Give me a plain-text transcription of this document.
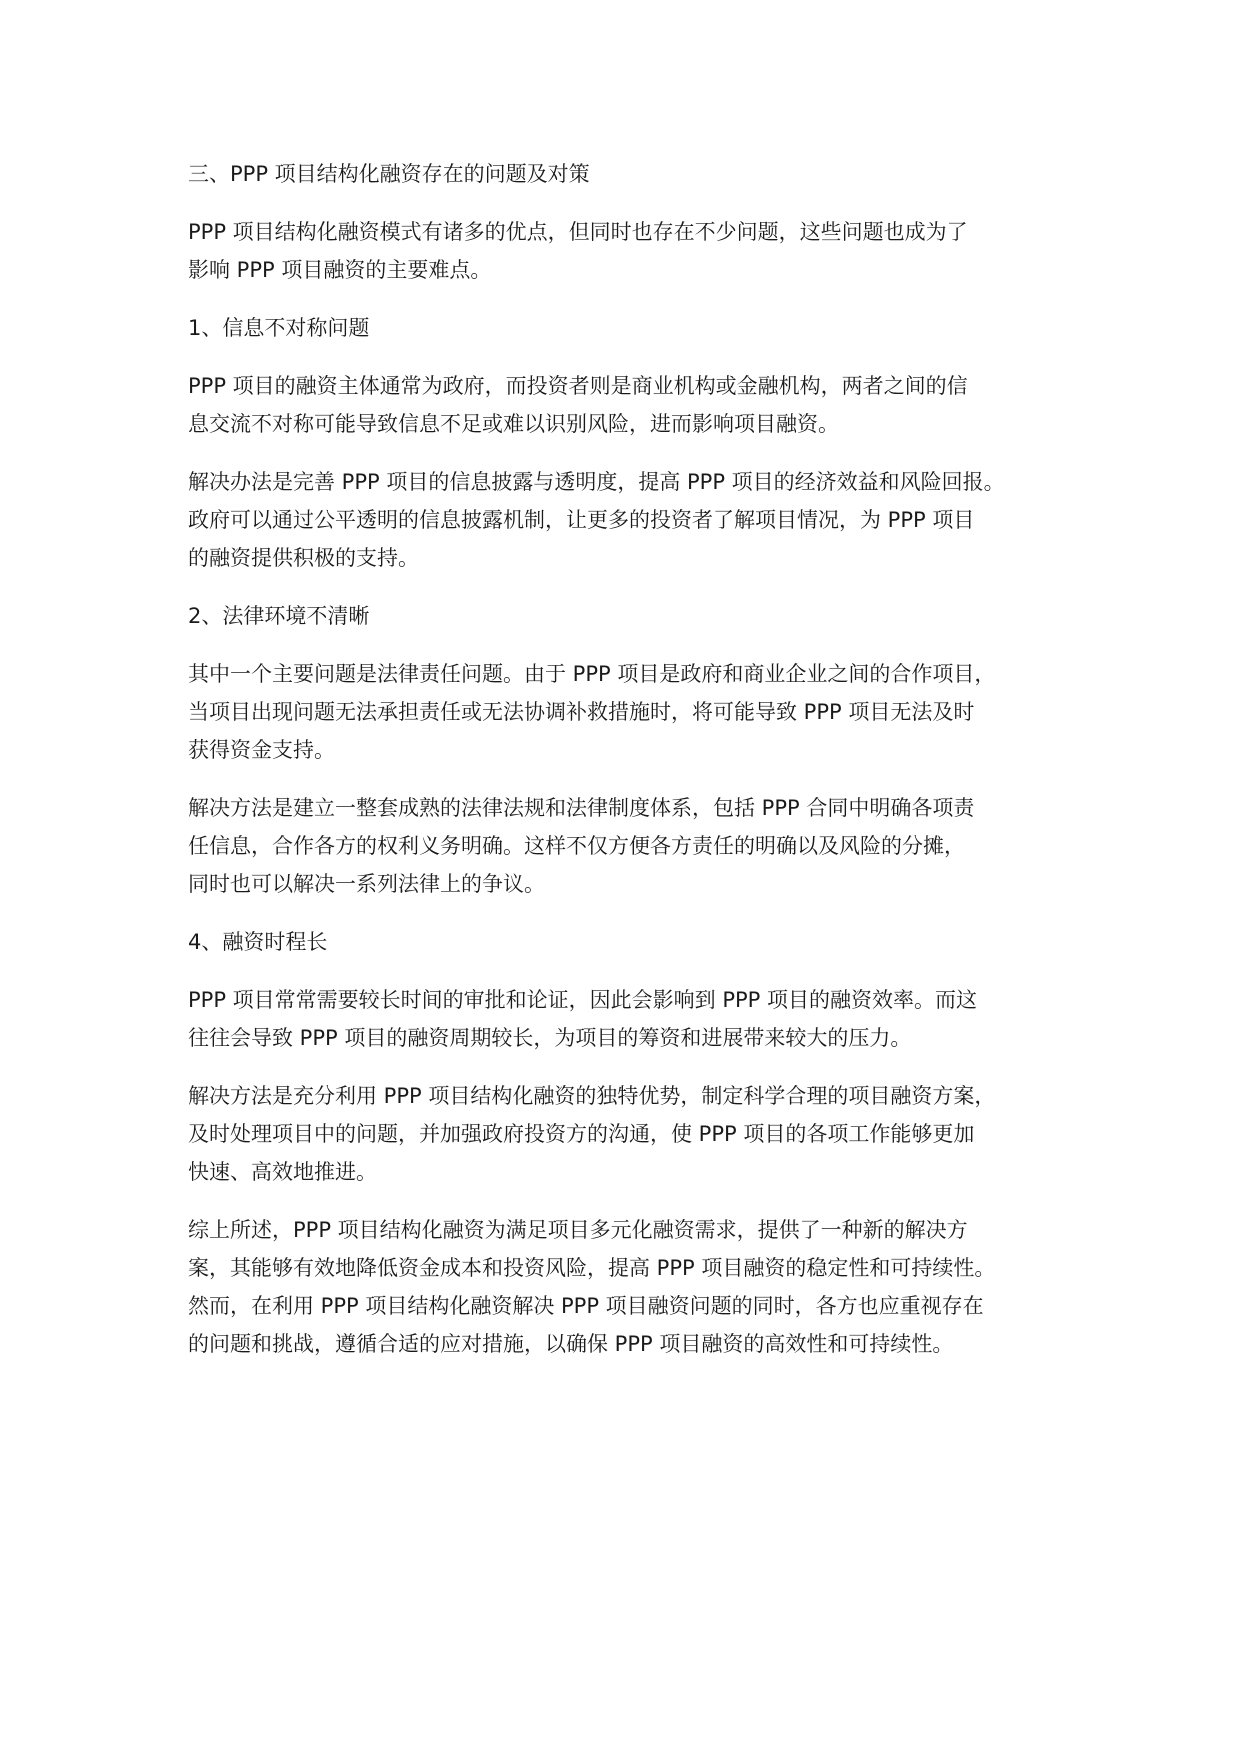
三、PPP 项目结构化融资存在的问题及对策
PPP 项目结构化融资模式有诸多的优点，但同时也存在不少问题，这些问题也成为了
影响 PPP 项目融资的主要难点。
1、信息不对称问题
PPP 项目的融资主体通常为政府，而投资者则是商业机构或金融机构，两者之间的信
息交流不对称可能导致信息不足或难以识别风险，进而影响项目融资。
解决办法是完善 PPP 项目的信息披露与透明度，提高 PPP 项目的经济效益和风险回报。
政府可以通过公平透明的信息披露机制，让更多的投资者了解项目情况，为 PPP 项目
的融资提供积极的支持。
2、法律环境不清晰
其中一个主要问题是法律责任问题。由于 PPP 项目是政府和商业企业之间的合作项目，
当项目出现问题无法承担责任或无法协调补救措施时，将可能导致 PPP 项目无法及时
获得资金支持。
解决方法是建立一整套成熟的法律法规和法律制度体系，包括 PPP 合同中明确各项责
任信息，合作各方的权利义务明确。这样不仅方便各方责任的明确以及风险的分摊，
同时也可以解决一系列法律上的争议。
4、融资时程长
PPP 项目常常需要较长时间的审批和论证，因此会影响到 PPP 项目的融资效率。而这
往往会导致 PPP 项目的融资周期较长，为项目的筹资和进展带来较大的压力。
解决方法是充分利用 PPP 项目结构化融资的独特优势，制定科学合理的项目融资方案，
及时处理项目中的问题，并加强政府投资方的沟通，使 PPP 项目的各项工作能够更加
快速、高效地推进。
综上所述，PPP 项目结构化融资为满足项目多元化融资需求，提供了一种新的解决方
案，其能够有效地降低资金成本和投资风险，提高 PPP 项目融资的稳定性和可持续性。
然而，在利用 PPP 项目结构化融资解决 PPP 项目融资问题的同时，各方也应重视存在
的问题和挑战，遵循合适的应对措施，以确保 PPP 项目融资的高效性和可持续性。
